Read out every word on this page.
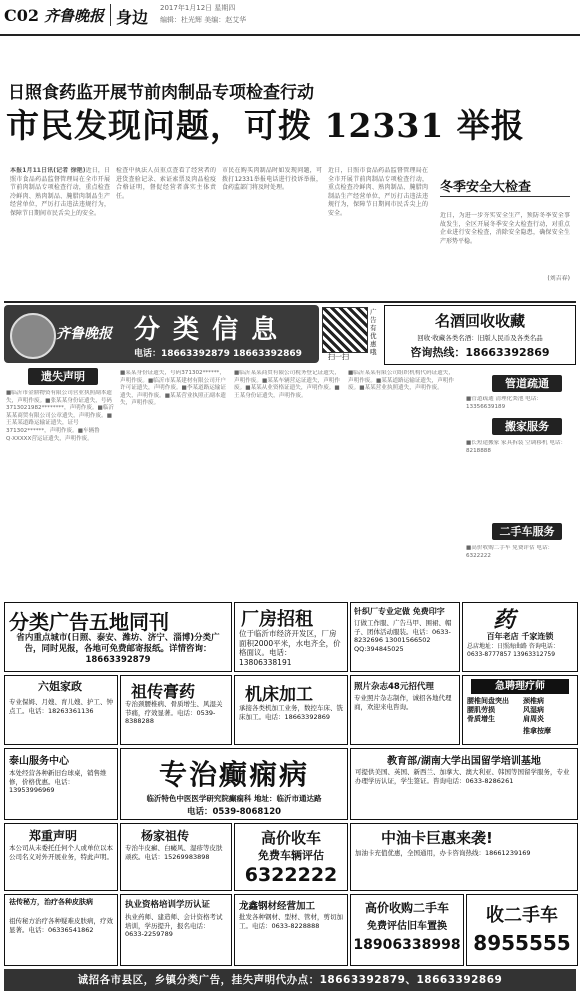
C02 齐鲁晚报 身边 2017年1月12日 星期四
编辑：杜光辉 美编：赵艾华
日照食药监开展节前肉制品专项检查行动
市民发现问题，可拨 12331 举报
本报1月11日讯(记者 徐艳)近日，日照市食品药品监督管理局在全市开展节前肉制品专项检查行动，重点检查冷鲜肉、熟肉制品、腌腊肉制品生产经营单位，严厉打击违法违规行为，保障节日期间市民舌尖上的安全。
检查中执法人员重点查看了经营者的进货查验记录、索证索票及肉品检疫合格证明，督促经营者落实主体责任。
市民在购买肉制品时如发现问题，可拨打12331举报电话进行投诉举报，食药监部门将及时处理。
近日，日照市食品药品监督管理局在全市开展节前肉制品专项检查行动，重点检查冷鲜肉、熟肉制品、腌腊肉制品生产经营单位，严厉打击违法违规行为，保障节日期间市民舌尖上的安全。
冬季安全大检查
近日，为进一步夯实安全生产，预防冬季安全事故发生，全区开展冬季安全大检查行动，对重点企业进行安全检查，消除安全隐患，确保安全生产形势平稳。
(刘吉春)
齐鲁晚报 分 类 信 息
电话：18663392879 18663392869	扫一扫
广告有优惠哦
名酒回收收藏
回收·收藏各类名酒：旧版人民币及各类名品
咨询热线：18663392869
遗失声明
■临沂市金鼎物资有限公司营业执照副本遗失，声明作废。■张某某身份证遗失，号码3713021982********，声明作废。■临沂某某商贸有限公司公章遗失，声明作废。■王某某道路运输证遗失，证号371302******，声明作废。■车辆鲁Q·XXXXX营运证遗失，声明作废。
■某某身份证遗失，号码371302******，声明作废。■临沂市某某建材有限公司开户许可证遗失，声明作废。■李某道路运输证遗失，声明作废。■某某营业执照正副本遗失，声明作废。
■临沂某某商贸有限公司税务登记证遗失，声明作废。■某某车辆营运证遗失，声明作废。■某某从业资格证遗失，声明作废。■王某身份证遗失，声明作废。
■临沂某某有限公司组织机构代码证遗失，声明作废。■某某道路运输证遗失，声明作废。■某某营业执照遗失，声明作废。	管道疏通
■管道疏通 清理化粪池 电话：13356639189
搬家服务
■长短途搬家 家具拆装 空调移机 电话：8218888
二手车服务
■高价收购二手车 免费评估 电话：6322222
分类广告五地同刊
省内重点城市(日照、泰安、潍坊、济宁、淄博)分类广告，同时见报，各地可免费邮寄报纸。详情咨询：18663392879
厂房招租
位于临沂市经济开发区，厂房面积2000平米，水电齐全，价格面议。电话：13806338191
针织厂专业定做 免费印字
订做工作服、广告马甲、围裙、帽子、团体活动服装。电话：0633-8232696 13001566502 QQ:394845025
药
百年老店 千家连锁
总店地址：日照海曲路 咨询电话：0633-8777857 13963312759
六姐家政
专业保姆、月嫂、育儿嫂、护工、钟点工。电话：18263361136
祖传膏药
专治颈腰椎病、骨质增生、风湿关节痛，疗效显著。电话：0539-8388288
机床加工
承接各类机加工业务，数控车床、铣床加工。电话：18663392869
照片杂志48元招代理
专业照片杂志制作，诚招各地代理商，欢迎来电咨询。
急聘理疗师
腰椎间盘突出
腰肌劳损
骨质增生
颈椎病
风湿病
肩周炎
推拿按摩
泰山服务中心
本处经营各种新旧台球桌，销售维修，价格优惠。电话：13953996969	专治癫痫病
临沂特色中医医学研究院癫痫科 地址：临沂市通达路
电话：0539-8068120
教育部/湖南大学出国留学培训基地
可提供美国、英国、新西兰、加拿大、澳大利亚、韩国等国留学服务，专业办理学历认证，学生签证。咨询电话：0633-8286261
郑重声明
本公司从未委托任何个人或单位以本公司名义对外开展业务，特此声明。
杨家祖传
专治牛皮癣、白癜风、湿疹等皮肤顽疾。电话：15269983898
高价收车
免费车辆评估
6322222
中油卡巨惠来袭!
加油卡充值优惠，全国通用，办卡咨询热线：18661239169
祛传秘方，治疗各种皮肤病
祖传秘方治疗各种疑难皮肤病，疗效显著。电话：06336541862
执业资格培训学历认证
执业药师、建造师、会计资格考试培训，学历提升，报名电话：0633-2259789
龙鑫钢材经营加工
批发各种钢材、型材、管材，剪切加工。电话：0633-8228888
高价收购二手车
免费评估旧车置换
18906338998
收二手车
8955555
诚招各市县区，乡镇分类广告，挂失声明代办点：18663392879、18663392869
